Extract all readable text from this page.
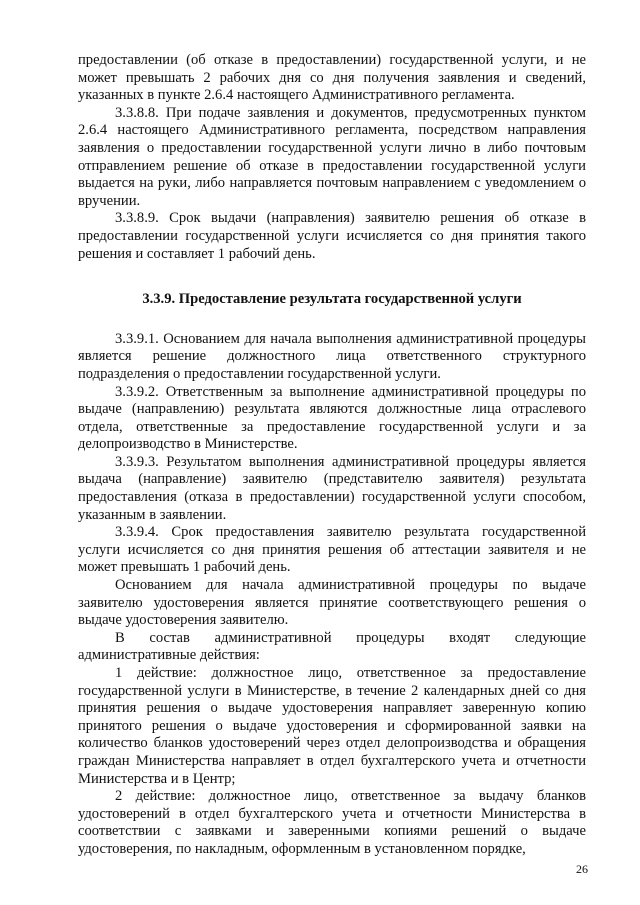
предоставлении (об отказе в предоставлении) государственной услуги, и не может превышать 2 рабочих дня со дня получения заявления и сведений, указанных в пункте 2.6.4 настоящего Административного регламента.

3.3.8.8. При подаче заявления и документов, предусмотренных пунктом 2.6.4 настоящего Административного регламента, посредством направления заявления о предоставлении государственной услуги лично в либо почтовым отправлением решение об отказе в предоставлении государственной услуги выдается на руки, либо направляется почтовым направлением с уведомлением о вручении.

3.3.8.9. Срок выдачи (направления) заявителю решения об отказе в предоставлении государственной услуги исчисляется со дня принятия такого решения и составляет 1 рабочий день.

3.3.9. Предоставление результата государственной услуги

3.3.9.1. Основанием для начала выполнения административной процедуры является решение должностного лица ответственного структурного подразделения о предоставлении государственной услуги.

3.3.9.2. Ответственным за выполнение административной процедуры по выдаче (направлению) результата являются должностные лица отраслевого отдела, ответственные за предоставление государственной услуги и за делопроизводство в Министерстве.

3.3.9.3. Результатом выполнения административной процедуры является выдача (направление) заявителю (представителю заявителя) результата предоставления (отказа в предоставлении) государственной услуги способом, указанным в заявлении.

3.3.9.4. Срок предоставления заявителю результата государственной услуги исчисляется со дня принятия решения об аттестации заявителя и не может превышать 1 рабочий день.

Основанием для начала административной процедуры по выдаче заявителю удостоверения является принятие соответствующего решения о выдаче удостоверения заявителю.

В состав административной процедуры входят следующие административные действия:

1 действие: должностное лицо, ответственное за предоставление государственной услуги в Министерстве, в течение 2 календарных дней со дня принятия решения о выдаче удостоверения направляет заверенную копию принятого решения о выдаче удостоверения и сформированной заявки на количество бланков удостоверений через отдел делопроизводства и обращения граждан Министерства направляет в отдел бухгалтерского учета и отчетности Министерства и в Центр;

2 действие: должностное лицо, ответственное за выдачу бланков удостоверений в отдел бухгалтерского учета и отчетности Министерства в соответствии с заявками и заверенными копиями решений о выдаче удостоверения, по накладным, оформленным в установленном порядке,

26
